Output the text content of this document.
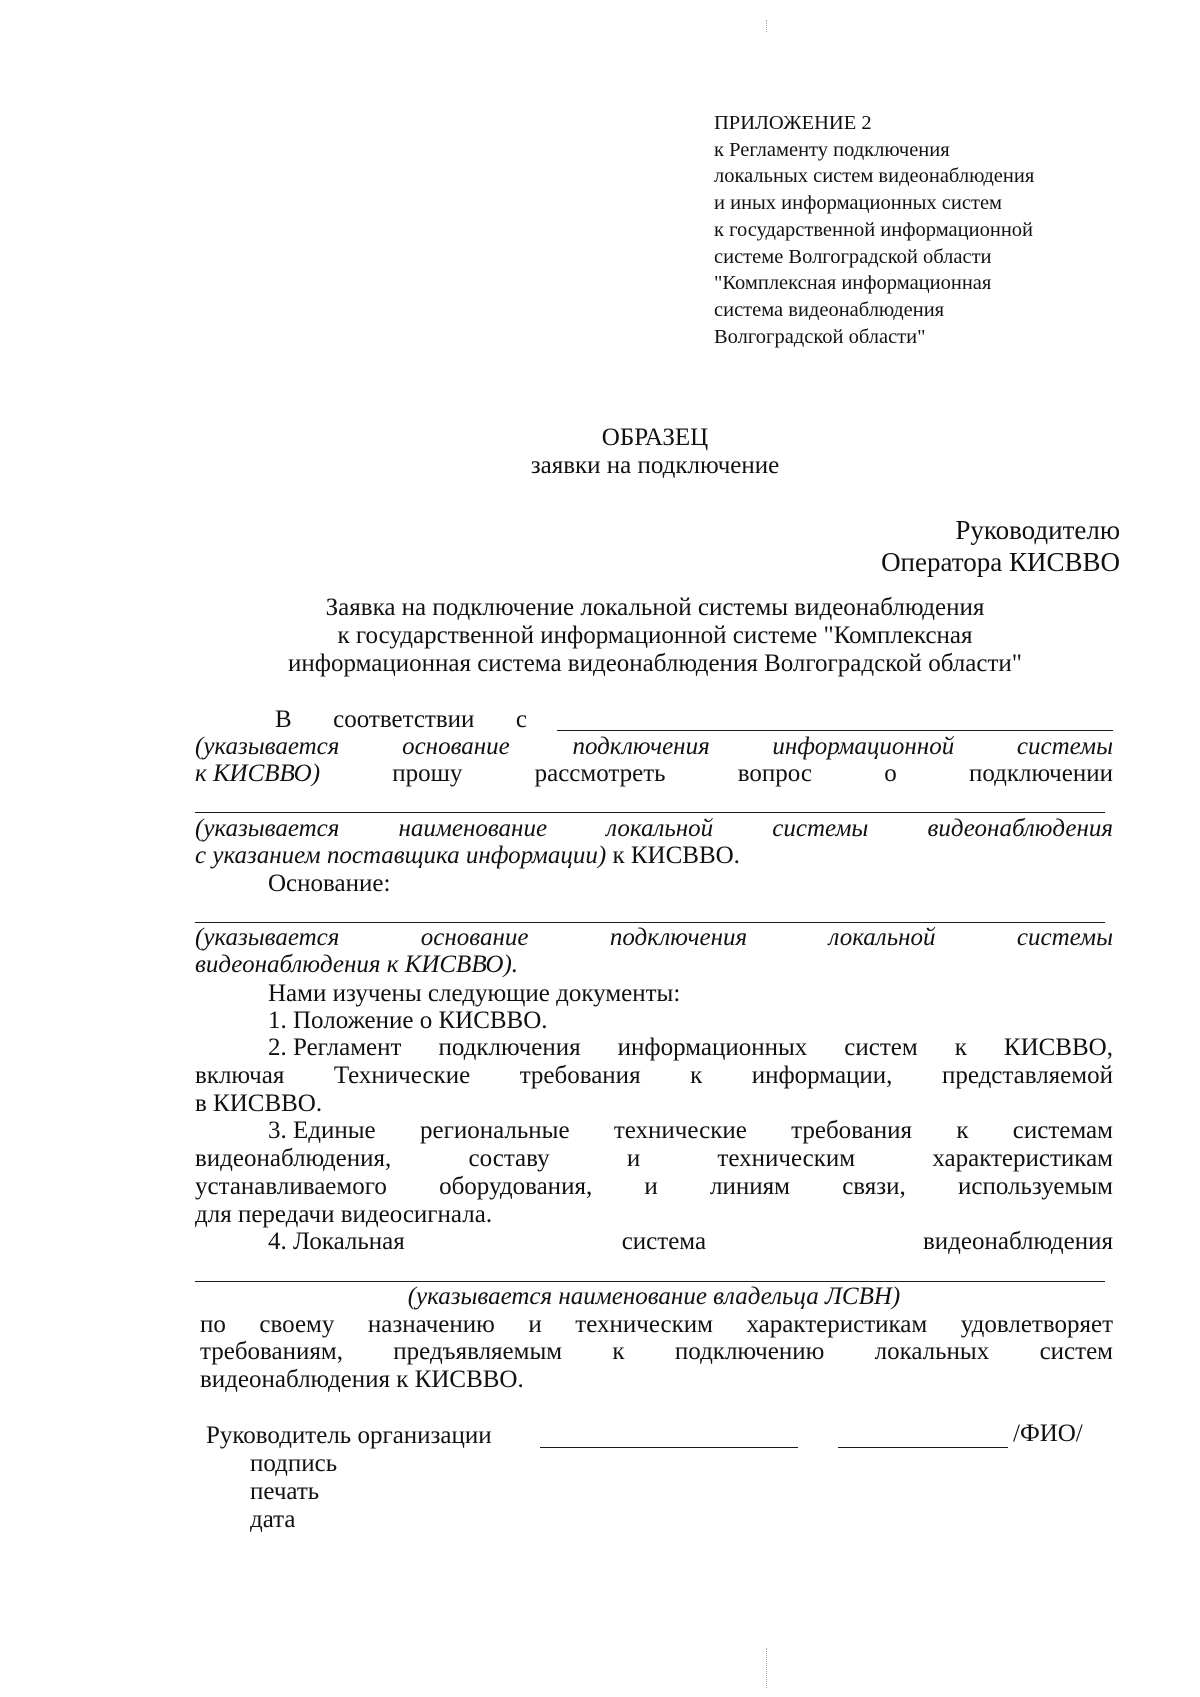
ПРИЛОЖЕНИЕ 2
к Регламенту подключения
локальных систем видеонаблюдения
и иных информационных систем
к государственной информационной
системе Волгоградской области
"Комплексная информационная
система видеонаблюдения
Волгоградской области"
ОБРАЗЕЦ
заявки на подключение
Руководителю
Оператора КИСВВО
Заявка на подключение локальной системы видеонаблюдения
к государственной информационной системе "Комплексная
информационная система видеонаблюдения Волгоградской области"
В соответствии с
(указывается	основание	подключения	информационной	системы
к КИСВВО)	прошу	рассмотреть	вопрос	о	подключении
(указывается наименование локальной системы видеонаблюдения
с указанием поставщика информации) к КИСВВО.
Основание:
(указывается	основание	подключения	локальной	системы
видеонаблюдения к КИСВВО).
Нами изучены следующие документы:
1. Положение о КИСВВО.
2. Регламент подключения информационных систем к КИСВВО,
включая Технические требования к информации, представляемой
в КИСВВО.
3. Единые региональные технические требования к системам
видеонаблюдения,	составу	и	техническим	характеристикам
устанавливаемого оборудования, и линиям связи, используемым
для передачи видеосигнала.
4. Локальная	система	видеонаблюдения
(указывается наименование владельца ЛСВН)
по своему назначению и техническим характеристикам удовлетворяет
требованиям, предъявляемым к подключению локальных систем
видеонаблюдения к КИСВВО.
Руководитель организации	/ФИО/
подпись
печать
дата
